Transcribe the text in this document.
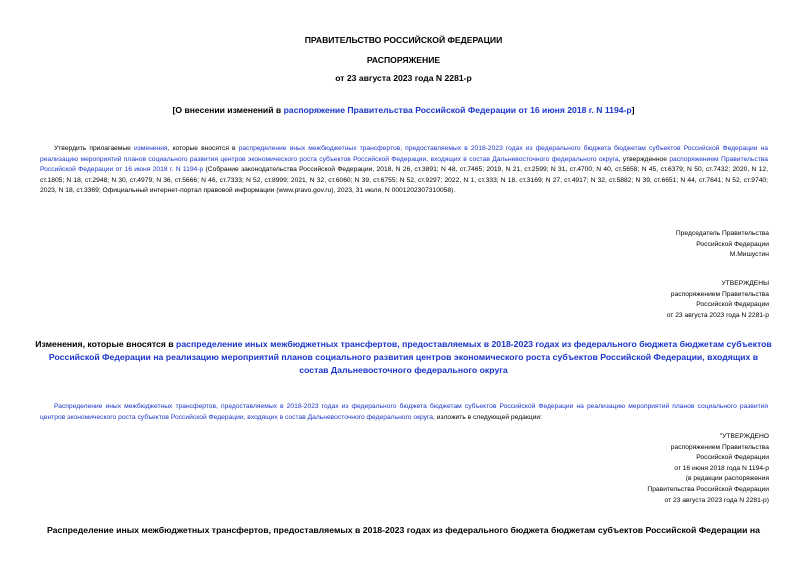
ПРАВИТЕЛЬСТВО РОССИЙСКОЙ ФЕДЕРАЦИИ
РАСПОРЯЖЕНИЕ
от 23 августа 2023 года N 2281-р
[О внесении изменений в распоряжение Правительства Российской Федерации от 16 июня 2018 г. N 1194-р]
Утвердить прилагаемые изменения, которые вносятся в распределение иных межбюджетных трансфертов, предоставляемых в 2018-2023 годах из федерального бюджета бюджетам субъектов Российской Федерации на реализацию мероприятий планов социального развития центров экономического роста субъектов Российской Федерации, входящих в состав Дальневосточного федерального округа, утвержденное распоряжением Правительства Российской Федерации от 16 июня 2018 г. N 1194-р (Собрание законодательства Российской Федерации, 2018, N 26, ст.3891; N 48, ст.7465; 2019, N 21, ст.2599; N 31, ст.4700; N 40, ст.5658; N 45, ст.6379; N 50, ст.7432; 2020, N 12, ст.1805; N 18, ст.2948; N 30, ст.4979; N 36, ст.5666; N 46, ст.7333; N 52, ст.8999; 2021, N 32, ст.6060; N 39, ст.6755; N 52, ст.9297; 2022, N 1, ст.333; N 18, ст.3169; N 27, ст.4917; N 32, ст.5882; N 39, ст.6651; N 44, ст.7641; N 52, ст.9740; 2023, N 18, ст.3369; Официальный интернет-портал правовой информации (www.pravo.gov.ru), 2023, 31 июля, N 0001202307310058).
Председатель Правительства
Российской Федерации
М.Мишустин
УТВЕРЖДЕНЫ
распоряжением Правительства
Российской Федерации
от 23 августа 2023 года N 2281-р
Изменения, которые вносятся в распределение иных межбюджетных трансфертов, предоставляемых в 2018-2023 годах из федерального бюджета бюджетам субъектов Российской Федерации на реализацию мероприятий планов социального развития центров экономического роста субъектов Российской Федерации, входящих в состав Дальневосточного федерального округа
Распределение иных межбюджетных трансфертов, предоставляемых в 2018-2023 годах из федерального бюджета бюджетам субъектов Российской Федерации на реализацию мероприятий планов социального развития центров экономического роста субъектов Российской Федерации, входящих в состав Дальневосточного федерального округа, изложить в следующей редакции:
"УТВЕРЖДЕНО
распоряжением Правительства
Российской Федерации
от 16 июня 2018 года N 1194-р
(в редакции распоряжения
Правительства Российской Федерации
от 23 августа 2023 года N 2281-р)
Распределение иных межбюджетных трансфертов, предоставляемых в 2018-2023 годах из федерального бюджета бюджетам субъектов Российской Федерации на
